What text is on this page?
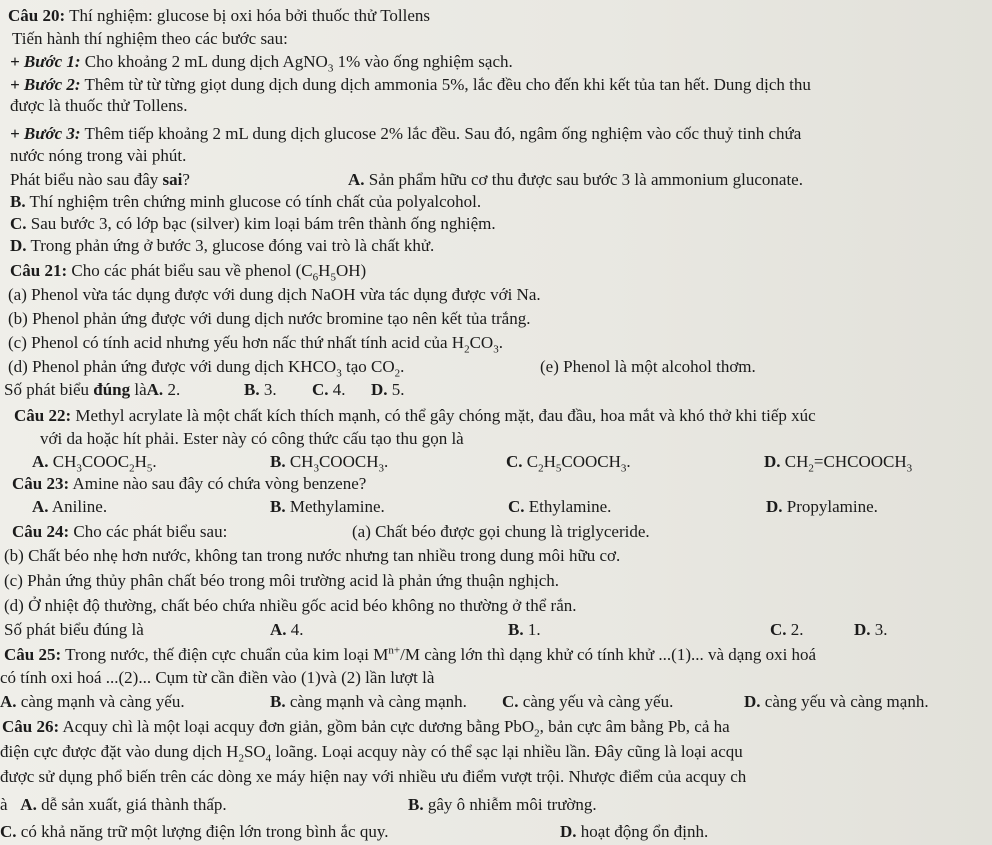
Câu 20: Thí nghiệm: glucose bị oxi hóa bởi thuốc thử Tollens
Tiến hành thí nghiệm theo các bước sau:
+ Bước 1: Cho khoảng 2 mL dung dịch AgNO$_3$ 1% vào ống nghiệm sạch.
+ Bước 2: Thêm từ từ từng giọt dung dịch dung dịch ammonia 5%, lắc đều cho đến khi kết tủa tan hết. Dung dịch thu
được là thuốc thử Tollens.
+ Bước 3: Thêm tiếp khoảng 2 mL dung dịch glucose 2% lắc đều. Sau đó, ngâm ống nghiệm vào cốc thuỷ tinh chứa
nước nóng trong vài phút.
Phát biểu nào sau đây sai?	A. Sản phẩm hữu cơ thu được sau bước 3 là ammonium gluconate.
B. Thí nghiệm trên chứng minh glucose có tính chất của polyalcohol.
C. Sau bước 3, có lớp bạc (silver) kim loại bám trên thành ống nghiệm.
D. Trong phản ứng ở bước 3, glucose đóng vai trò là chất khử.
Câu 21: Cho các phát biểu sau về phenol $(C_6H_5OH)$
(a) Phenol vừa tác dụng được với dung dịch NaOH vừa tác dụng được với Na.
(b) Phenol phản ứng được với dung dịch nước bromine tạo nên kết tủa trắng.
(c) Phenol có tính acid nhưng yếu hơn nấc thứ nhất tính acid của $H_2CO_3$.
(d) Phenol phản ứng được với dung dịch $KHCO_3$ tạo $CO_2$.	(e) Phenol là một alcohol thơm.
Số phát biểu đúng làA. 2.	B. 3. C. 4. D. 5.
Câu 22: Methyl acrylate là một chất kích thích mạnh, có thể gây chóng mặt, đau đầu, hoa mắt và khó thở khi tiếp xúc
với da hoặc hít phải. Ester này có công thức cấu tạo thu gọn là
A. $CH_3COOC_2H_5$.	B. $CH_3COOCH_3$.	C. $C_2H_5COOCH_3$.	D. $CH_2=CHCOOCH_3$
Câu 23: Amine nào sau đây có chứa vòng benzene?
A. Aniline.	B. Methylamine.	C. Ethylamine.	D. Propylamine.
Câu 24: Cho các phát biểu sau:	(a) Chất béo được gọi chung là triglyceride.
(b) Chất béo nhẹ hơn nước, không tan trong nước nhưng tan nhiều trong dung môi hữu cơ.
(c) Phản ứng thủy phân chất béo trong môi trường acid là phản ứng thuận nghịch.
(d) Ở nhiệt độ thường, chất béo chứa nhiều gốc acid béo không no thường ở thể rắn.
Số phát biểu đúng là	A. 4.	B. 1.	C. 2.	D. 3.
Câu 25: Trong nước, thế điện cực chuẩn của kim loại $M^{n+}/M$ càng lớn thì dạng khử có tính khử ...(1)... và dạng oxi hoá
có tính oxi hoá ...(2)... Cụm từ cần điền vào (1)và (2) lần lượt là
A. càng mạnh và càng yếu.	B. càng mạnh và càng mạnh. C. càng yếu và càng yếu.	D. càng yếu và càng mạnh.
Câu 26: Acquy chì là một loại acquy đơn giản, gồm bản cực dương bằng PbO$_2$, bản cực âm bằng Pb, cả ha
điện cực được đặt vào dung dịch $H_2SO_4$ loãng. Loại acquy này có thể sạc lại nhiều lần. Đây cũng là loại acqu
được sử dụng phổ biến trên các dòng xe máy hiện nay với nhiều ưu điểm vượt trội. Nhược điểm của acquy ch
à A. dễ sản xuất, giá thành thấp.	B. gây ô nhiễm môi trường.
C. có khả năng trữ một lượng điện lớn trong bình ắc quy.	D. hoạt động ổn định.
